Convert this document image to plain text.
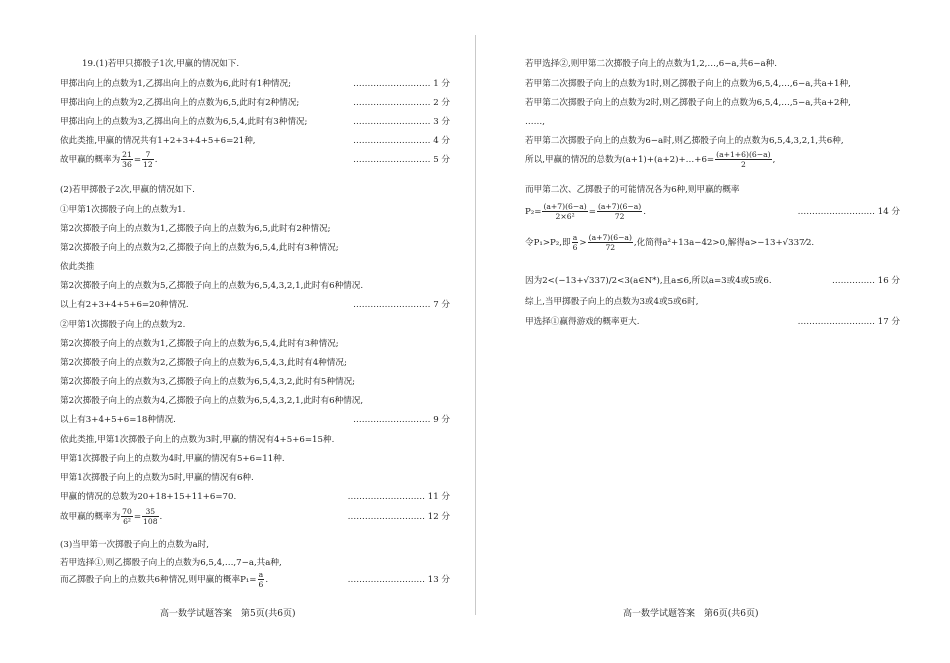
19.(1)若甲只掷骰子1次,甲赢的情况如下.
甲掷出向上的点数为1,乙掷出向上的点数为6,此时有1种情况;	……………………… 1 分
甲掷出向上的点数为2,乙掷出向上的点数为6,5,此时有2种情况;	……………………… 2 分
甲掷出向上的点数为3,乙掷出向上的点数为6,5,4,此时有3种情况;	……………………… 3 分
依此类推,甲赢的情况共有1+2+3+4+5+6=21种,	……………………… 4 分
故甲赢的概率为 $\frac{21}{36} = \frac{7}{12}$ .	……………………… 5 分
(2)若甲掷骰子2次,甲赢的情况如下.
①甲第1次掷骰子向上的点数为1.
第2次掷骰子向上的点数为1,乙掷骰子向上的点数为6,5,此时有2种情况;
第2次掷骰子向上的点数为2,乙掷骰子向上的点数为6,5,4,此时有3种情况;
依此类推
第2次掷骰子向上的点数为5,乙掷骰子向上的点数为6,5,4,3,2,1,此时有6种情况.
以上有2+3+4+5+6=20种情况.	……………………… 7 分
②甲第1次掷骰子向上的点数为2.
第2次掷骰子向上的点数为1,乙掷骰子向上的点数为6,5,4,此时有3种情况;
第2次掷骰子向上的点数为2,乙掷骰子向上的点数为6,5,4,3,此时有4种情况;
第2次掷骰子向上的点数为3,乙掷骰子向上的点数为6,5,4,3,2,此时有5种情况;
第2次掷骰子向上的点数为4,乙掷骰子向上的点数为6,5,4,3,2,1,此时有6种情况,
以上有3+4+5+6=18种情况.	……………………… 9 分
依此类推,甲第1次掷骰子向上的点数为3时,甲赢的情况有4+5+6=15种.
甲第1次掷骰子向上的点数为4时,甲赢的情况有5+6=11种.
甲第1次掷骰子向上的点数为5时,甲赢的情况有6种.
甲赢的情况的总数为20+18+15+11+6=70.	……………………… 11 分
故甲赢的概率为 $\frac{70}{\text{6²}} = \frac{35}{108}$ .	……………………… 12 分
(3)当甲第一次掷骰子向上的点数为a时,
若甲选择①,则乙掷骰子向上的点数为6,5,4,…,7−a,共a种,
而乙掷骰子向上的点数共6种情况,则甲赢的概率$P_1= \frac{a}{6}$ .	……………………… 13 分
高一数学试题答案　第5页(共6页)
若甲选择②,则甲第二次掷骰子向上的点数为1,2,…,6−a,共6−a种.
若甲第二次掷骰子向上的点数为1时,则乙掷骰子向上的点数为6,5,4,…,6−a,共a+1种,
若甲第二次掷骰子向上的点数为2时,则乙掷骰子向上的点数为6,5,4,…,5−a,共a+2种,
……,
若甲第二次掷骰子向上的点数为6−a时,则乙掷骰子向上的点数为6,5,4,3,2,1,共6种,
所以,甲赢的情况的总数为(a+1)+(a+2)+…+6= $\frac{(a+1+6)(6-a)}{2}$ ,
而甲第二次、乙掷骰子的可能情况各为6种,则甲赢的概率
$P_2= \frac{(a+7)(6-a)}{\text{2×6²}} = \frac{(a+7)(6-a)}{72}$ .	……………………… 14 分
令P₁>P₂,即 $\frac{a}{6} > \frac{(a+7)(6-a)}{72}$ ,化简得a²+13a−42>0,解得a>−13+√337⁄2.
因为2<(−13+√337)/2<3(a∈N*),且a≤6,所以a=3或4或5或6.	…………… 16 分
综上,当甲掷骰子向上的点数为3或4或5或6时,
甲选择①赢得游戏的概率更大.	……………………… 17 分
高一数学试题答案　第6页(共6页)
